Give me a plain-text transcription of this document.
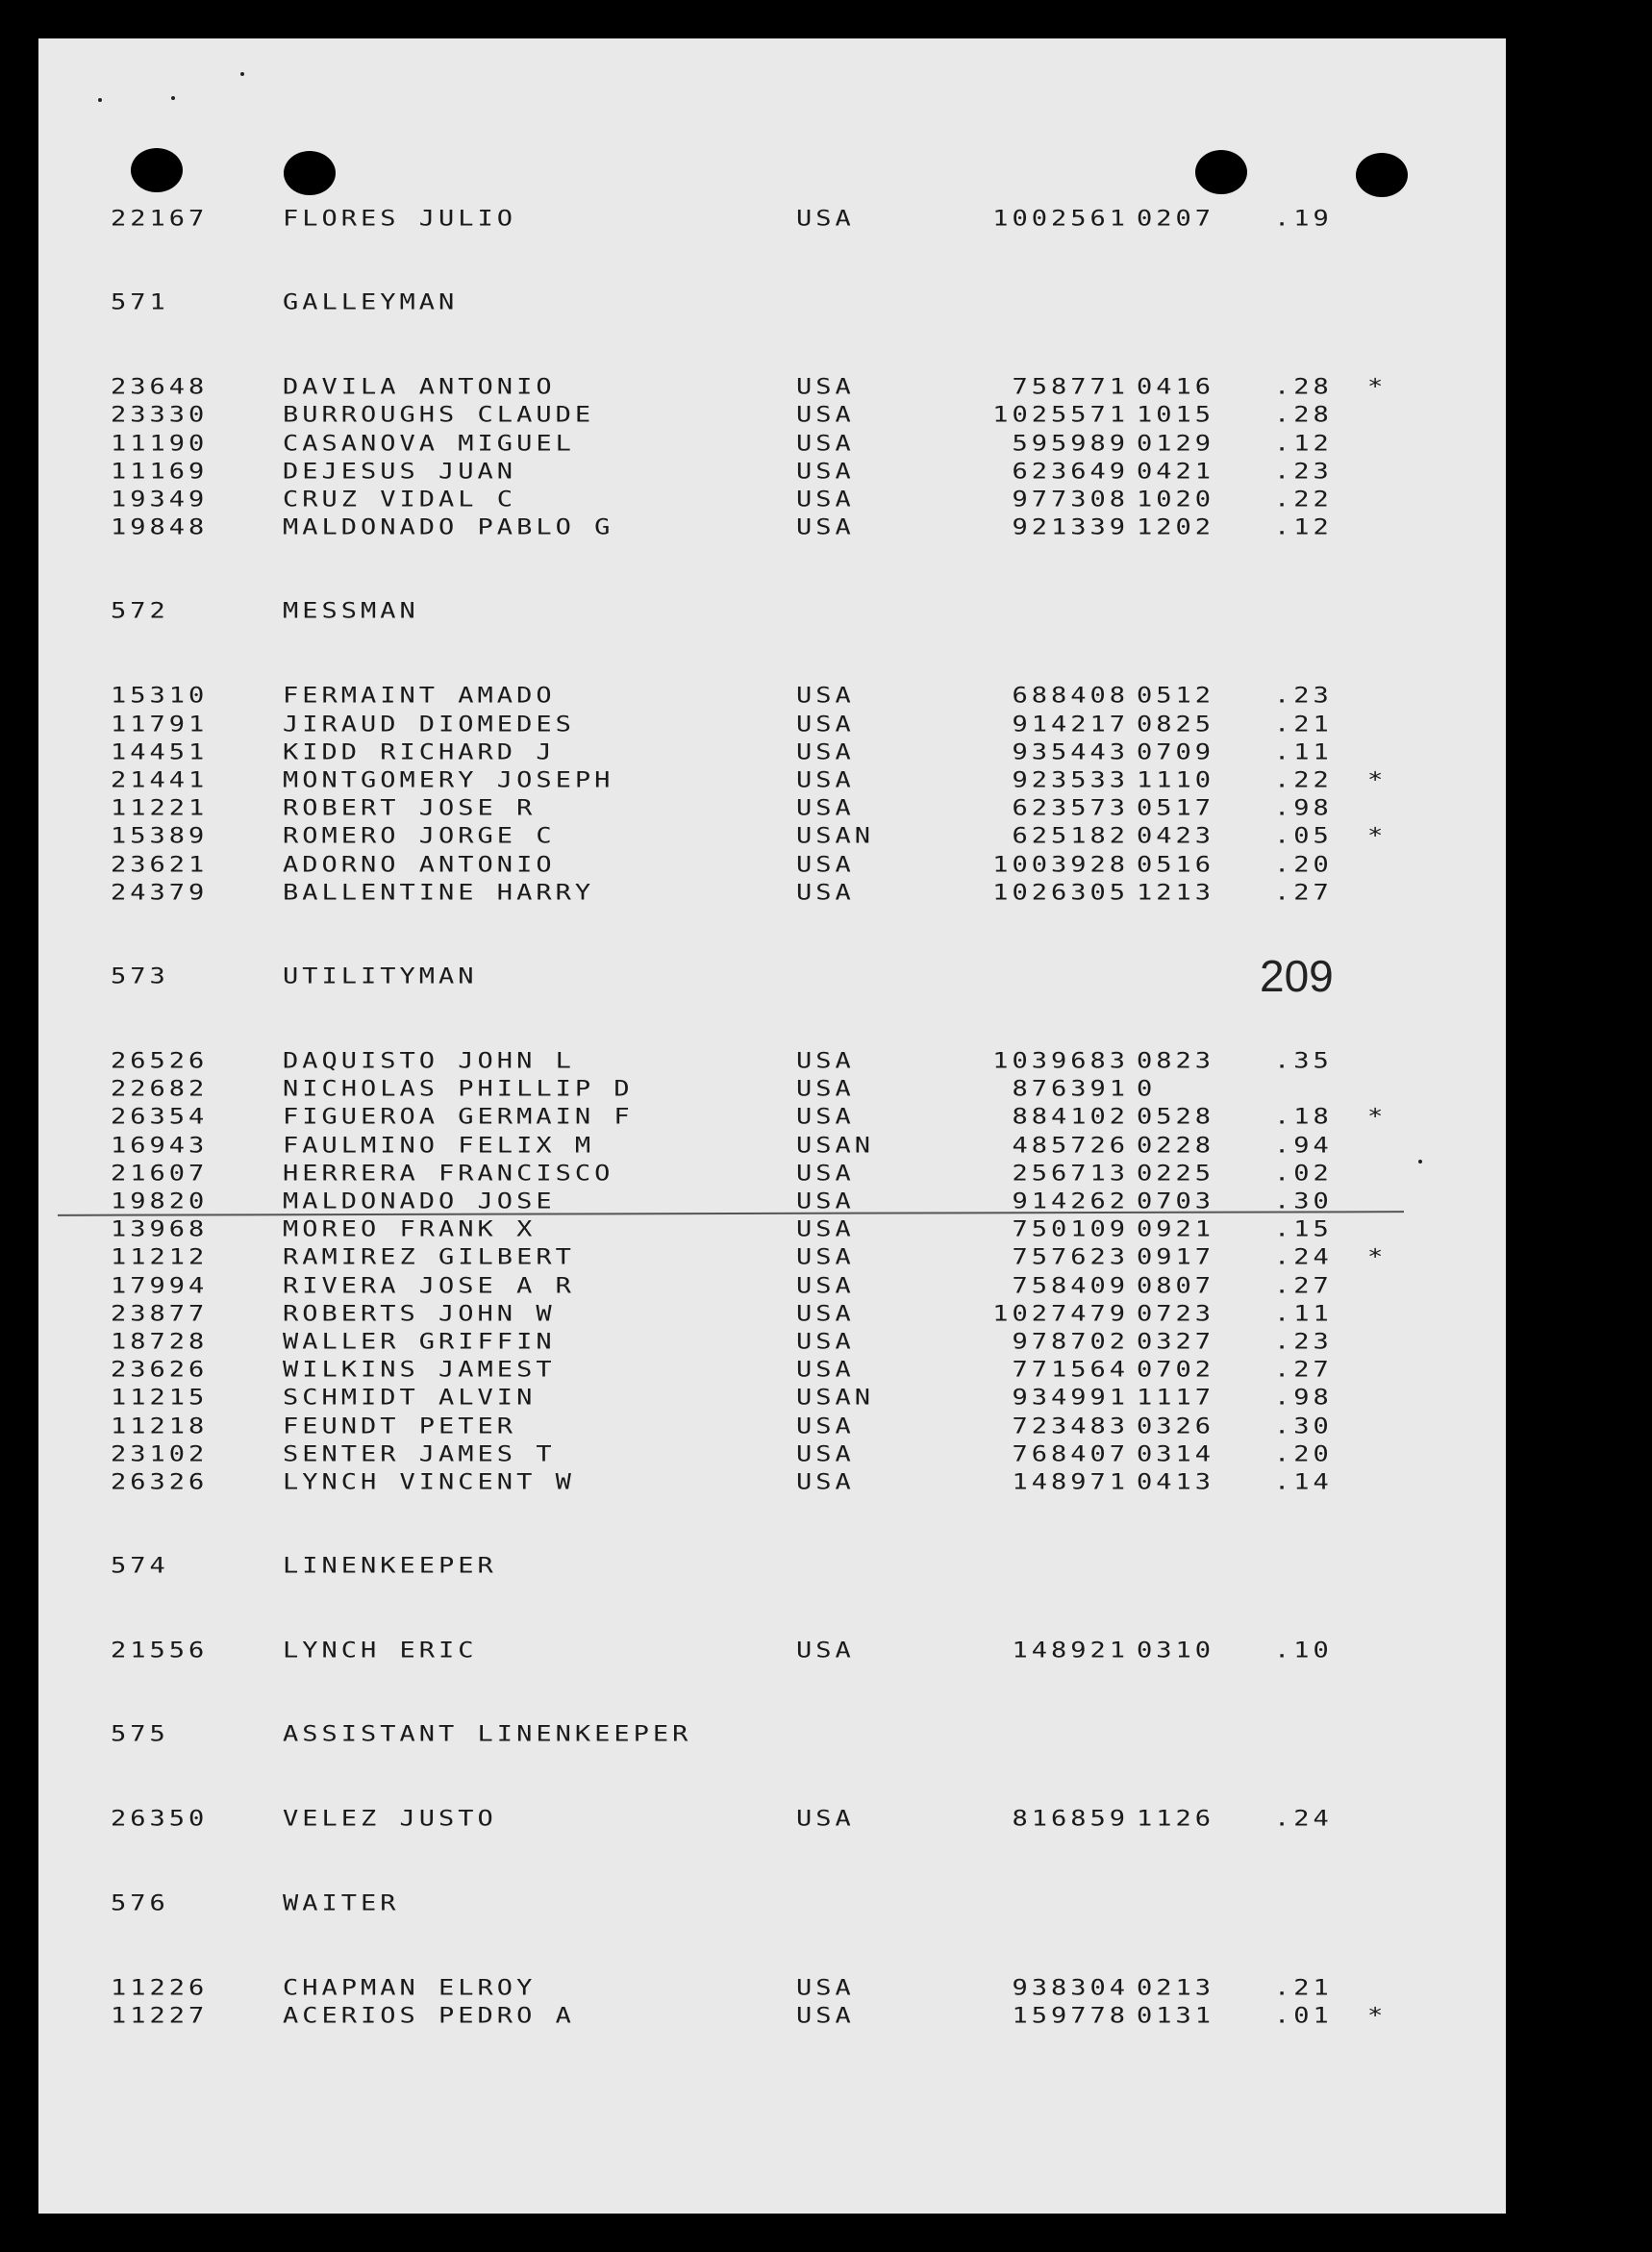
209
22167	FLORES JULIO	USA	1002561 0207 .19
571	GALLEYMAN
23648	DAVILA ANTONIO	USA	758771 0416 .28 *
23330	BURROUGHS CLAUDE	USA	1025571 1015 .28
11190	CASANOVA MIGUEL	USA	595989 0129 .12
11169	DEJESUS JUAN	USA	623649 0421 .23
19349	CRUZ VIDAL C	USA	977308 1020 .22
19848	MALDONADO PABLO G	USA	921339 1202 .12
572	MESSMAN
15310	FERMAINT AMADO	USA	688408 0512 .23
11791	JIRAUD DIOMEDES	USA	914217 0825 .21
14451	KIDD RICHARD J	USA	935443 0709 .11
21441	MONTGOMERY JOSEPH	USA	923533 1110 .22 *
11221	ROBERT JOSE R	USA	623573 0517 .98
15389	ROMERO JORGE C	USAN	625182 0423 .05 *
23621	ADORNO ANTONIO	USA	1003928 0516 .20
24379	BALLENTINE HARRY	USA	1026305 1213 .27
573	UTILITYMAN
26526	DAQUISTO JOHN L	USA	1039683 0823 .35
22682	NICHOLAS PHILLIP D	USA	876391 0
26354	FIGUEROA GERMAIN F	USA	884102 0528 .18 *
16943	FAULMINO FELIX M	USAN	485726 0228 .94
21607	HERRERA FRANCISCO	USA	256713 0225 .02
19820	MALDONADO JOSE	USA	914262 0703 .30
13968	MOREO FRANK X	USA	750109 0921 .15
11212	RAMIREZ GILBERT	USA	757623 0917 .24 *
17994	RIVERA JOSE A R	USA	758409 0807 .27
23877	ROBERTS JOHN W	USA	1027479 0723 .11
18728	WALLER GRIFFIN	USA	978702 0327 .23
23626	WILKINS JAMEST	USA	771564 0702 .27
11215	SCHMIDT ALVIN	USAN	934991 1117 .98
11218	FEUNDT PETER	USA	723483 0326 .30
23102	SENTER JAMES T	USA	768407 0314 .20
26326	LYNCH VINCENT W	USA	148971 0413 .14
574	LINENKEEPER
21556	LYNCH ERIC	USA	148921 0310 .10
575	ASSISTANT LINENKEEPER
26350	VELEZ JUSTO	USA	816859 1126 .24
576	WAITER
11226	CHAPMAN ELROY	USA	938304 0213 .21
11227	ACERIOS PEDRO A	USA	159778 0131 .01 *
